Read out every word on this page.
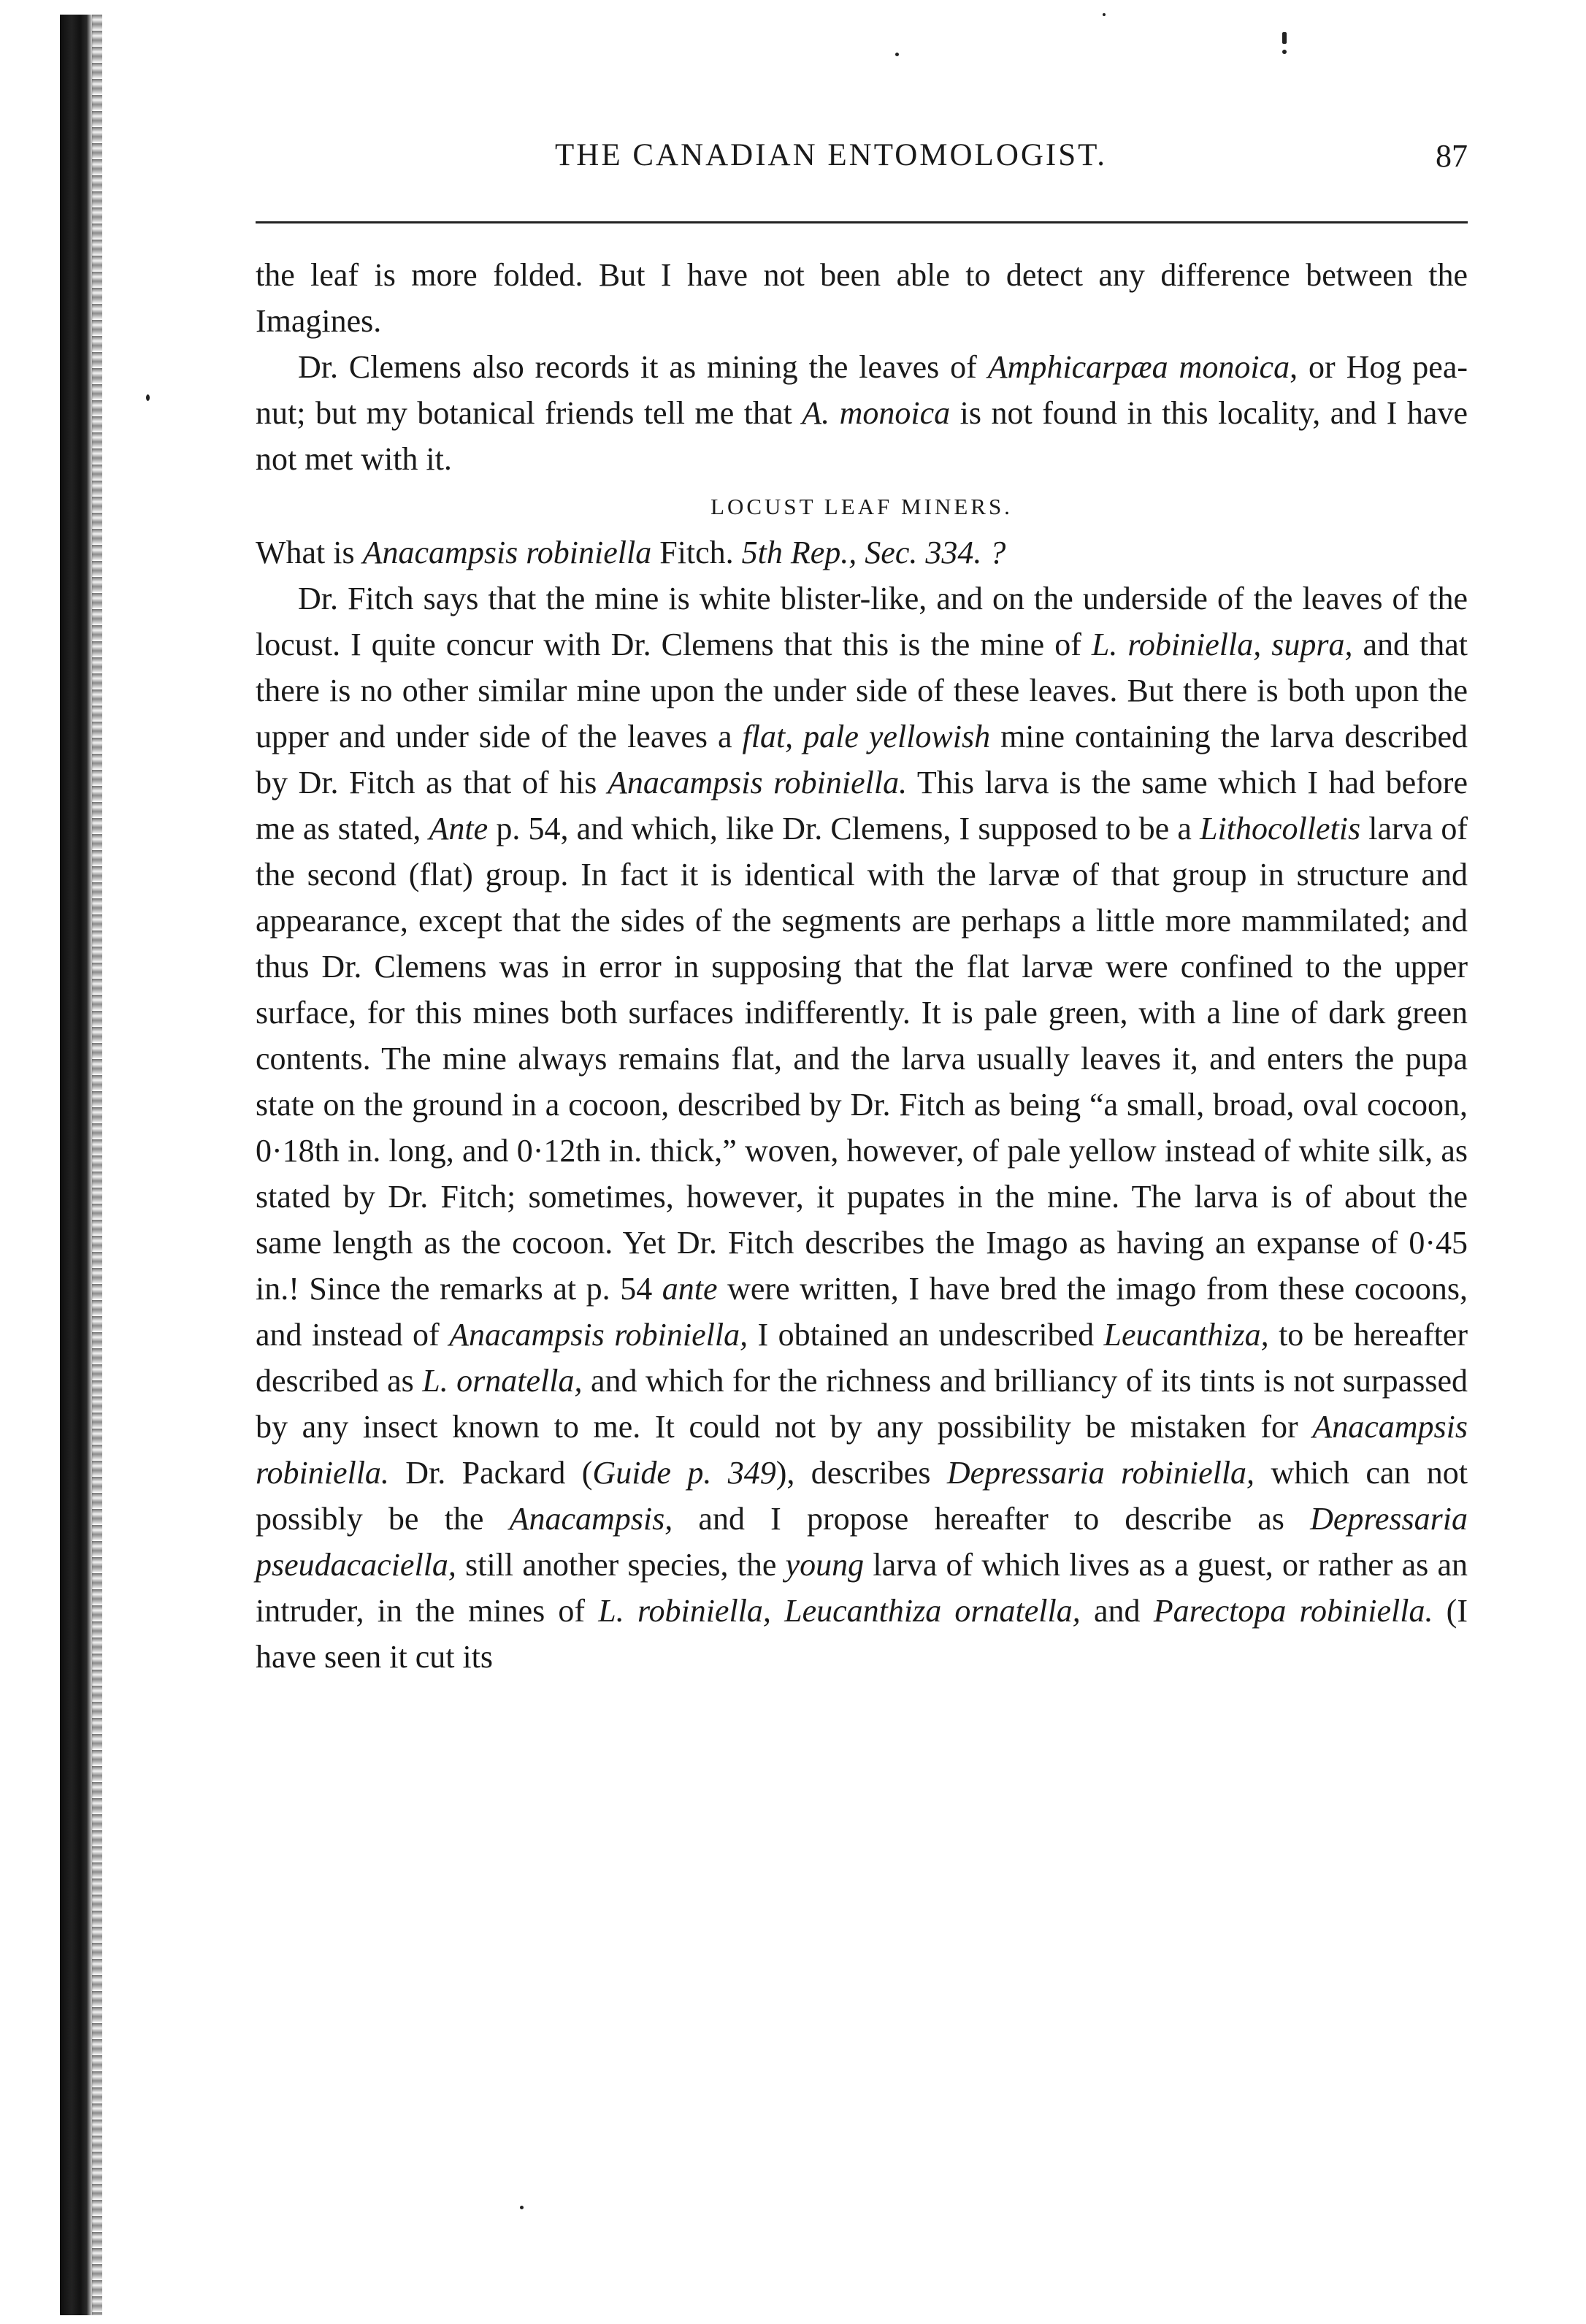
THE CANADIAN ENTOMOLOGIST.	87

the leaf is more folded. But I have not been able to detect any difference between the Imagines.

Dr. Clemens also records it as mining the leaves of Amphicarpæa monoica, or Hog pea-nut; but my botanical friends tell me that A. monoica is not found in this locality, and I have not met with it.

LOCUST LEAF MINERS.

What is Anacampsis robiniella Fitch. 5th Rep., Sec. 334. ?

Dr. Fitch says that the mine is white blister-like, and on the underside of the leaves of the locust. I quite concur with Dr. Clemens that this is the mine of L. robiniella, supra, and that there is no other similar mine upon the under side of these leaves. But there is both upon the upper and under side of the leaves a flat, pale yellowish mine containing the larva described by Dr. Fitch as that of his Anacampsis robiniella. This larva is the same which I had before me as stated, Ante p. 54, and which, like Dr. Clemens, I supposed to be a Lithocolletis larva of the second (flat) group. In fact it is identical with the larvæ of that group in structure and appearance, except that the sides of the segments are perhaps a little more mammilated; and thus Dr. Clemens was in error in supposing that the flat larvæ were confined to the upper surface, for this mines both surfaces indifferently. It is pale green, with a line of dark green contents. The mine always remains flat, and the larva usually leaves it, and enters the pupa state on the ground in a cocoon, described by Dr. Fitch as being “a small, broad, oval cocoon, 0·18th in. long, and 0·12th in. thick,” woven, however, of pale yellow instead of white silk, as stated by Dr. Fitch; sometimes, however, it pupates in the mine. The larva is of about the same length as the cocoon. Yet Dr. Fitch describes the Imago as having an expanse of 0·45 in.! Since the remarks at p. 54 ante were written, I have bred the imago from these cocoons, and instead of Anacampsis robiniella, I obtained an undescribed Leucanthiza, to be hereafter described as L. ornatella, and which for the richness and brilliancy of its tints is not surpassed by any insect known to me. It could not by any possibility be mistaken for Anacampsis robiniella. Dr. Packard (Guide p. 349), describes Depressaria robiniella, which can not possibly be the Anacampsis, and I propose hereafter to describe as Depressaria pseudacaciella, still another species, the young larva of which lives as a guest, or rather as an intruder, in the mines of L. robiniella, Leucanthiza ornatella, and Parectopa robiniella. (I have seen it cut its
